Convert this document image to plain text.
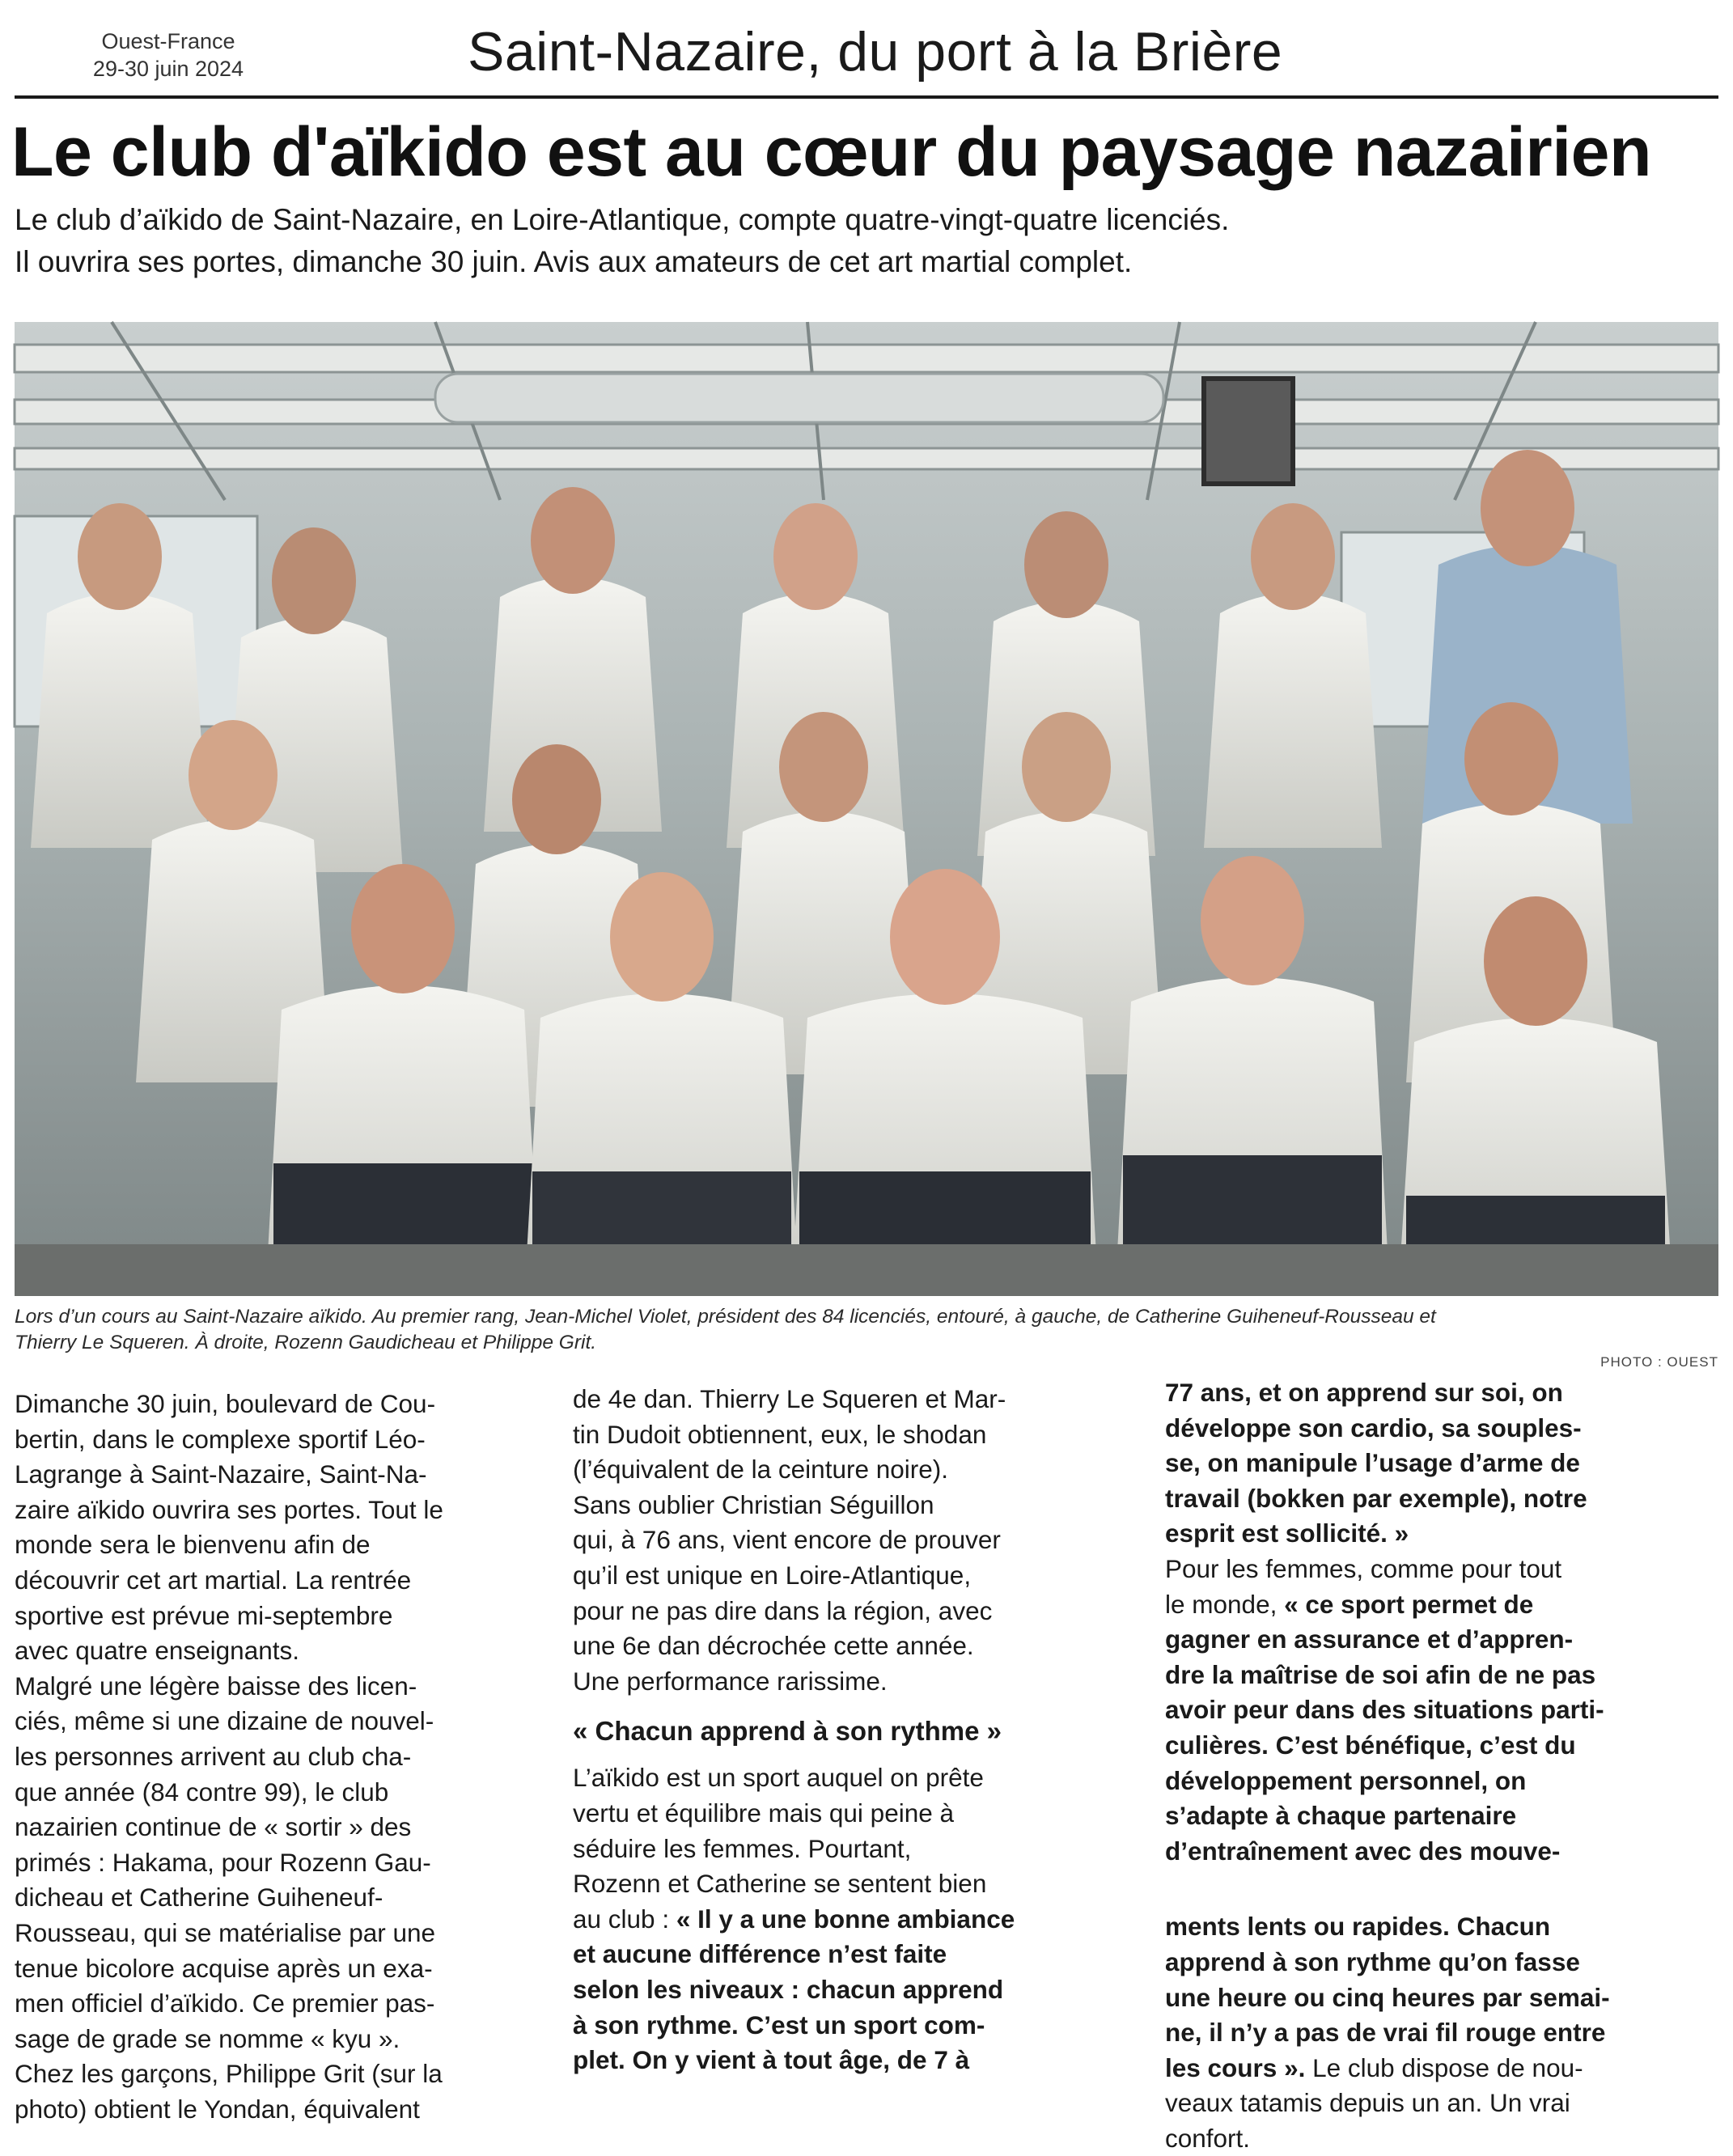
Ouest-France
29-30 juin 2024	Saint-Nazaire, du port à la Brière
Le club d'aïkido est au cœur du paysage nazairien
Le club d’aïkido de Saint-Nazaire, en Loire-Atlantique, compte quatre-vingt-quatre licenciés.
Il ouvrira ses portes, dimanche 30 juin. Avis aux amateurs de cet art martial complet.
Lors d’un cours au Saint-Nazaire aïkido. Au premier rang, Jean-Michel Violet, président des 84 licenciés, entouré, à gauche, de Catherine Guiheneuf-Rousseau et
Thierry Le Squeren. À droite, Rozenn Gaudicheau et Philippe Grit.
PHOTO : OUEST
Dimanche 30 juin, boulevard de Cou-
bertin, dans le complexe sportif Léo-
Lagrange à Saint-Nazaire, Saint-Na-
zaire aïkido ouvrira ses portes. Tout le
monde sera le bienvenu afin de
découvrir cet art martial. La rentrée
sportive est prévue mi-septembre
avec quatre enseignants.
Malgré une légère baisse des licen-
ciés, même si une dizaine de nouvel-
les personnes arrivent au club cha-
que année (84 contre 99), le club
nazairien continue de « sortir » des
primés : Hakama, pour Rozenn Gau-
dicheau et Catherine Guiheneuf-
Rousseau, qui se matérialise par une
tenue bicolore acquise après un exa-
men officiel d’aïkido. Ce premier pas-
sage de grade se nomme « kyu ».
Chez les garçons, Philippe Grit (sur la
photo) obtient le Yondan, équivalent
de 4e dan. Thierry Le Squeren et Mar-
tin Dudoit obtiennent, eux, le shodan
(l’équivalent de la ceinture noire).
Sans oublier Christian Séguillon
qui, à 76 ans, vient encore de prouver
qu’il est unique en Loire-Atlantique,
pour ne pas dire dans la région, avec
une 6e dan décrochée cette année.
Une performance rarissime.
« Chacun apprend à son rythme »
L’aïkido est un sport auquel on prête
vertu et équilibre mais qui peine à
séduire les femmes. Pourtant,
Rozenn et Catherine se sentent bien
au club : « Il y a une bonne ambiance
et aucune différence n’est faite
selon les niveaux : chacun apprend
à son rythme. C’est un sport com-
plet. On y vient à tout âge, de 7 à
77 ans, et on apprend sur soi, on
développe son cardio, sa souples-
se, on manipule l’usage d’arme de
travail (bokken par exemple), notre
esprit est sollicité. »
Pour les femmes, comme pour tout
le monde, « ce sport permet de
gagner en assurance et d’appren-
dre la maîtrise de soi afin de ne pas
avoir peur dans des situations parti-
culières. C’est bénéfique, c’est du
développement personnel, on
s’adapte à chaque partenaire
d’entraînement avec des mouve-
ments lents ou rapides. Chacun
apprend à son rythme qu’on fasse
une heure ou cinq heures par semai-
ne, il n’y a pas de vrai fil rouge entre
les cours ». Le club dispose de nou-
veaux tatamis depuis un an. Un vrai
confort.
